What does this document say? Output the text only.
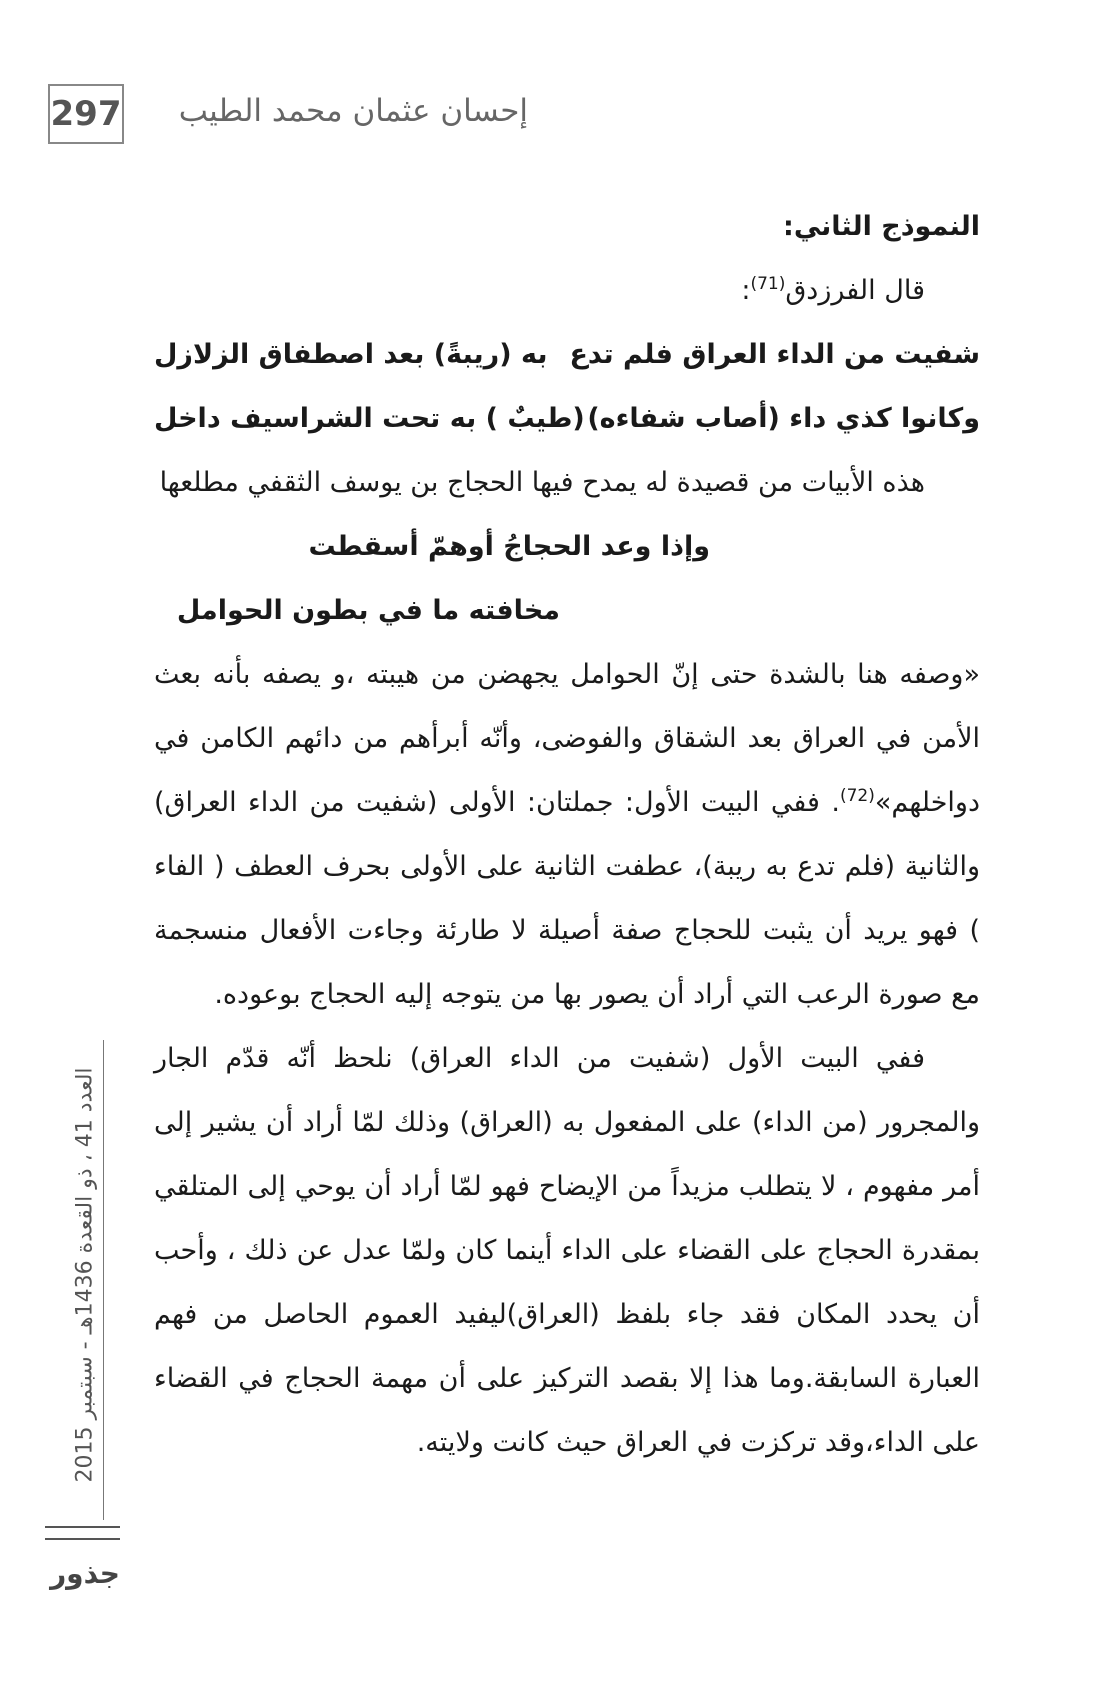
297 إحسان عثمان محمد الطيب

النموذج الثاني:

قال الفرزدق$^{(71)}$:

شفيت من الداء العراق فلم تدع
به (ريبةً) بعد اصطفاق الزلازل
وكانوا كذي داء (أصاب شفاءه)
(طيبٌ ) به تحت الشراسيف داخل

هذه الأبيات من قصيدة له يمدح فيها الحجاج بن يوسف الثقفي مطلعها

وإذا وعد الحجاجُ أوهمّ أسقطت

مخافته ما في بطون الحوامل

«وصفه هنا بالشدة حتى إنّ الحوامل يجهضن من هيبته ،و يصفه بأنه بعث الأمن في العراق بعد الشقاق والفوضى، وأنّه أبرأهم من دائهم الكامن في دواخلهم»$^{(72)}$. ففي البيت الأول: جملتان: الأولى (شفيت من الداء العراق) والثانية (فلم تدع به ريبة)، عطفت الثانية على الأولى بحرف العطف ( الفاء ) فهو يريد أن يثبت للحجاج صفة أصيلة لا طارئة وجاءت الأفعال منسجمة مع صورة الرعب التي أراد أن يصور بها من يتوجه إليه الحجاج بوعوده.

ففي البيت الأول (شفيت من الداء العراق) نلحظ أنّه قدّم الجار والمجرور (من الداء) على المفعول به (العراق) وذلك لمّا أراد أن يشير إلى أمر مفهوم ، لا يتطلب مزيداً من الإيضاح فهو لمّا أراد أن يوحي إلى المتلقي بمقدرة الحجاج على القضاء على الداء أينما كان ولمّا عدل عن ذلك ، وأحب أن يحدد المكان فقد جاء بلفظ (العراق)ليفيد العموم الحاصل من فهم العبارة السابقة.وما هذا إلا بقصد التركيز على أن مهمة الحجاج في القضاء على الداء،وقد تركزت في العراق حيث كانت ولايته.

العدد 41 ، ذو القعدة 1436هـ - سبتمبر 2015
جذور
